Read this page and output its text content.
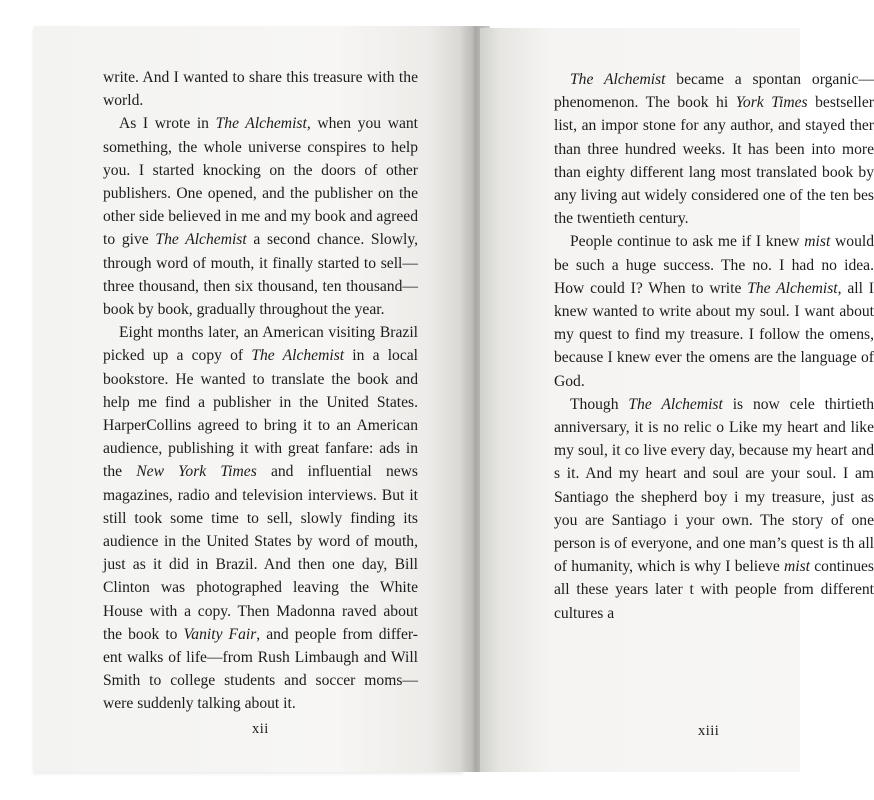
write. And I wanted to share this treasure with the world.

As I wrote in The Alchemist, when you want something, the whole universe conspires to help you. I started knocking on the doors of other publishers. One opened, and the publisher on the other side believed in me and my book and agreed to give The Alchemist a second chance. Slowly, through word of mouth, it finally started to sell—three thousand, then six thousand, ten thousand—book by book, gradually throughout the year.

Eight months later, an American visiting Brazil picked up a copy of The Alchemist in a local bookstore. He wanted to translate the book and help me find a publisher in the United States. HarperCollins agreed to bring it to an American audience, publishing it with great fanfare: ads in the New York Times and influential news magazines, radio and television interviews. But it still took some time to sell, slowly finding its audience in the United States by word of mouth, just as it did in Brazil. And then one day, Bill Clinton was photographed leaving the White House with a copy. Then Madonna raved about the book to Vanity Fair, and people from differ- ent walks of life—from Rush Limbaugh and Will Smith to college students and soccer moms—were suddenly talking about it.

xii

The Alchemist became a spontan organic—phenomenon. The book hi York Times bestseller list, an impor stone for any author, and stayed ther than three hundred weeks. It has been into more than eighty different lang most translated book by any living aut widely considered one of the ten bes the twentieth century.

People continue to ask me if I knew mist would be such a huge success. The no. I had no idea. How could I? When to write The Alchemist, all I knew wanted to write about my soul. I want about my quest to find my treasure. I follow the omens, because I knew ever the omens are the language of God.

Though The Alchemist is now cele thirtieth anniversary, it is no relic o Like my heart and like my soul, it co live every day, because my heart and s it. And my heart and soul are your soul. I am Santiago the shepherd boy i my treasure, just as you are Santiago i your own. The story of one person is of everyone, and one man’s quest is th all of humanity, which is why I believe mist continues all these years later t with people from different cultures a

xiii
